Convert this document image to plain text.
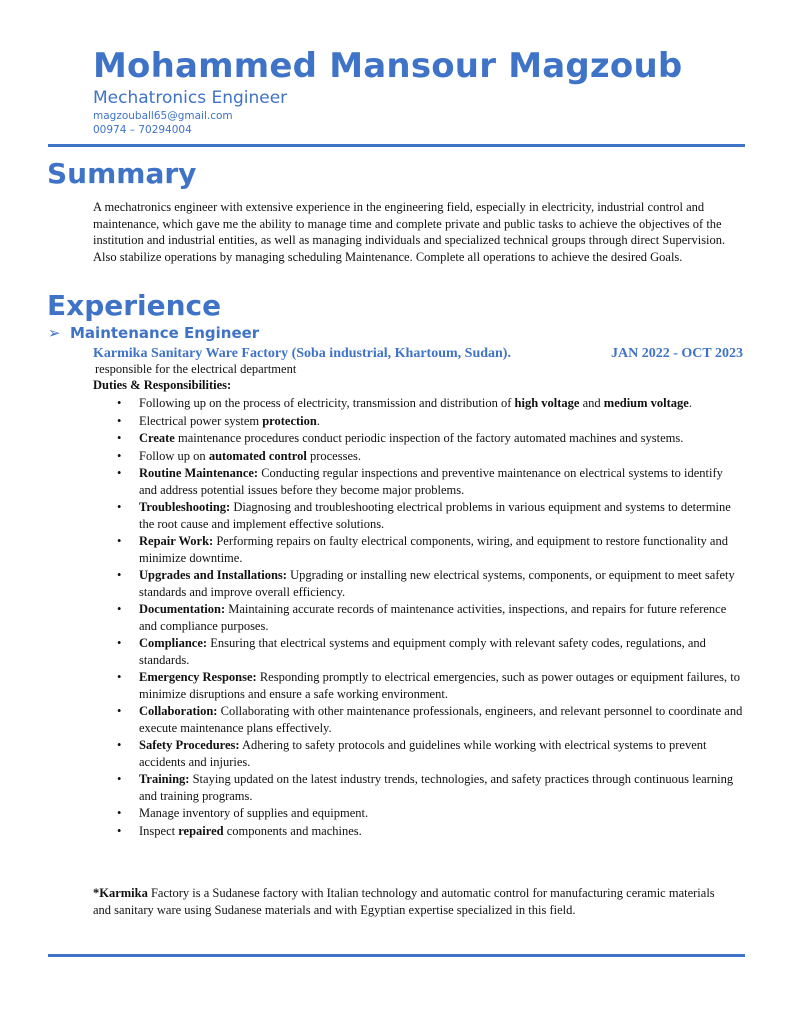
Mohammed Mansour Magzoub
Mechatronics Engineer
magzouball65@gmail.com
00974 – 70294004
Summary

A mechatronics engineer with extensive experience in the engineering field, especially in electricity, industrial control and maintenance, which gave me the ability to manage time and complete private and public tasks to achieve the objectives of the institution and industrial entities, as well as managing individuals and specialized technical groups through direct Supervision. Also stabilize operations by managing scheduling Maintenance. Complete all operations to achieve the desired Goals.

Experience
➢ Maintenance Engineer
Karmika Sanitary Ware Factory (Soba industrial, Khartoum, Sudan).	JAN 2022 - OCT 2023
responsible for the electrical department
Duties & Responsibilities:
• Following up on the process of electricity, transmission and distribution of high voltage and medium voltage.
• Electrical power system protection.
• Create maintenance procedures conduct periodic inspection of the factory automated machines and systems.
• Follow up on automated control processes.
• Routine Maintenance: Conducting regular inspections and preventive maintenance on electrical systems to identify and address potential issues before they become major problems.
• Troubleshooting: Diagnosing and troubleshooting electrical problems in various equipment and systems to determine the root cause and implement effective solutions.
• Repair Work: Performing repairs on faulty electrical components, wiring, and equipment to restore functionality and minimize downtime.
• Upgrades and Installations: Upgrading or installing new electrical systems, components, or equipment to meet safety standards and improve overall efficiency.
• Documentation: Maintaining accurate records of maintenance activities, inspections, and repairs for future reference and compliance purposes.
• Compliance: Ensuring that electrical systems and equipment comply with relevant safety codes, regulations, and standards.
• Emergency Response: Responding promptly to electrical emergencies, such as power outages or equipment failures, to minimize disruptions and ensure a safe working environment.
• Collaboration: Collaborating with other maintenance professionals, engineers, and relevant personnel to coordinate and execute maintenance plans effectively.
• Safety Procedures: Adhering to safety protocols and guidelines while working with electrical systems to prevent accidents and injuries.
• Training: Staying updated on the latest industry trends, technologies, and safety practices through continuous learning and training programs.
• Manage inventory of supplies and equipment.
• Inspect repaired components and machines.

*Karmika Factory is a Sudanese factory with Italian technology and automatic control for manufacturing ceramic materials and sanitary ware using Sudanese materials and with Egyptian expertise specialized in this field.
